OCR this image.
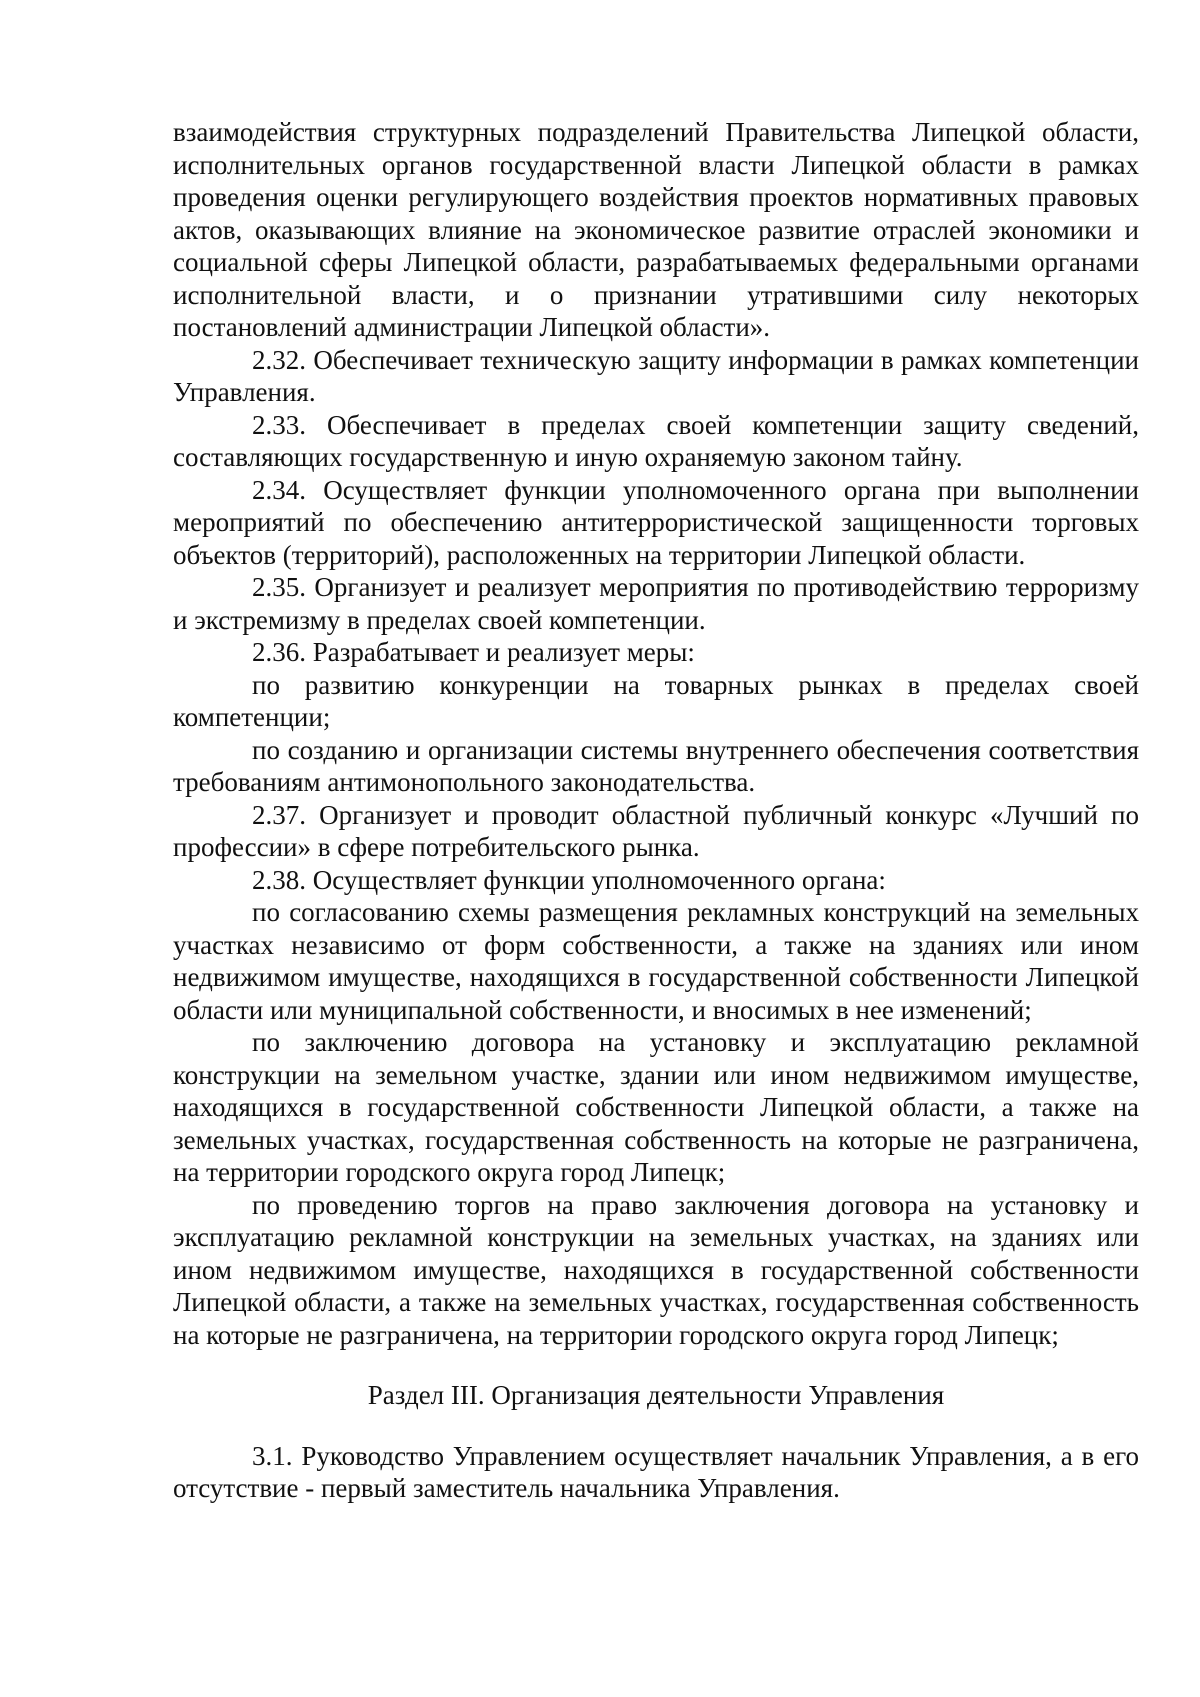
взаимодействия структурных подразделений Правительства Липецкой области, исполнительных органов государственной власти Липецкой области в рамках проведения оценки регулирующего воздействия проектов нормативных правовых актов, оказывающих влияние на экономическое развитие отраслей экономики и социальной сферы Липецкой области, разрабатываемых федеральными органами исполнительной власти, и о признании утратившими силу некоторых постановлений администрации Липецкой области».

2.32. Обеспечивает техническую защиту информации в рамках компетенции Управления.

2.33. Обеспечивает в пределах своей компетенции защиту сведений, составляющих государственную и иную охраняемую законом тайну.

2.34. Осуществляет функции уполномоченного органа при выполнении мероприятий по обеспечению антитеррористической защищенности торговых объектов (территорий), расположенных на территории Липецкой области.

2.35. Организует и реализует мероприятия по противодействию терроризму и экстремизму в пределах своей компетенции.

2.36. Разрабатывает и реализует меры:

по развитию конкуренции на товарных рынках в пределах своей компетенции;

по созданию и организации системы внутреннего обеспечения соответствия требованиям антимонопольного законодательства.

2.37. Организует и проводит областной публичный конкурс «Лучший по профессии» в сфере потребительского рынка.

2.38. Осуществляет функции уполномоченного органа:

по согласованию схемы размещения рекламных конструкций на земельных участках независимо от форм собственности, а также на зданиях или ином недвижимом имуществе, находящихся в государственной собственности Липецкой области или муниципальной собственности, и вносимых в нее изменений;

по заключению договора на установку и эксплуатацию рекламной конструкции на земельном участке, здании или ином недвижимом имуществе, находящихся в государственной собственности Липецкой области, а также на земельных участках, государственная собственность на которые не разграничена, на территории городского округа город Липецк;

по проведению торгов на право заключения договора на установку и эксплуатацию рекламной конструкции на земельных участках, на зданиях или ином недвижимом имуществе, находящихся в государственной собственности Липецкой области, а также на земельных участках, государственная собственность на которые не разграничена, на территории городского округа город Липецк;

Раздел III. Организация деятельности Управления

3.1. Руководство Управлением осуществляет начальник Управления, а в его отсутствие - первый заместитель начальника Управления.
